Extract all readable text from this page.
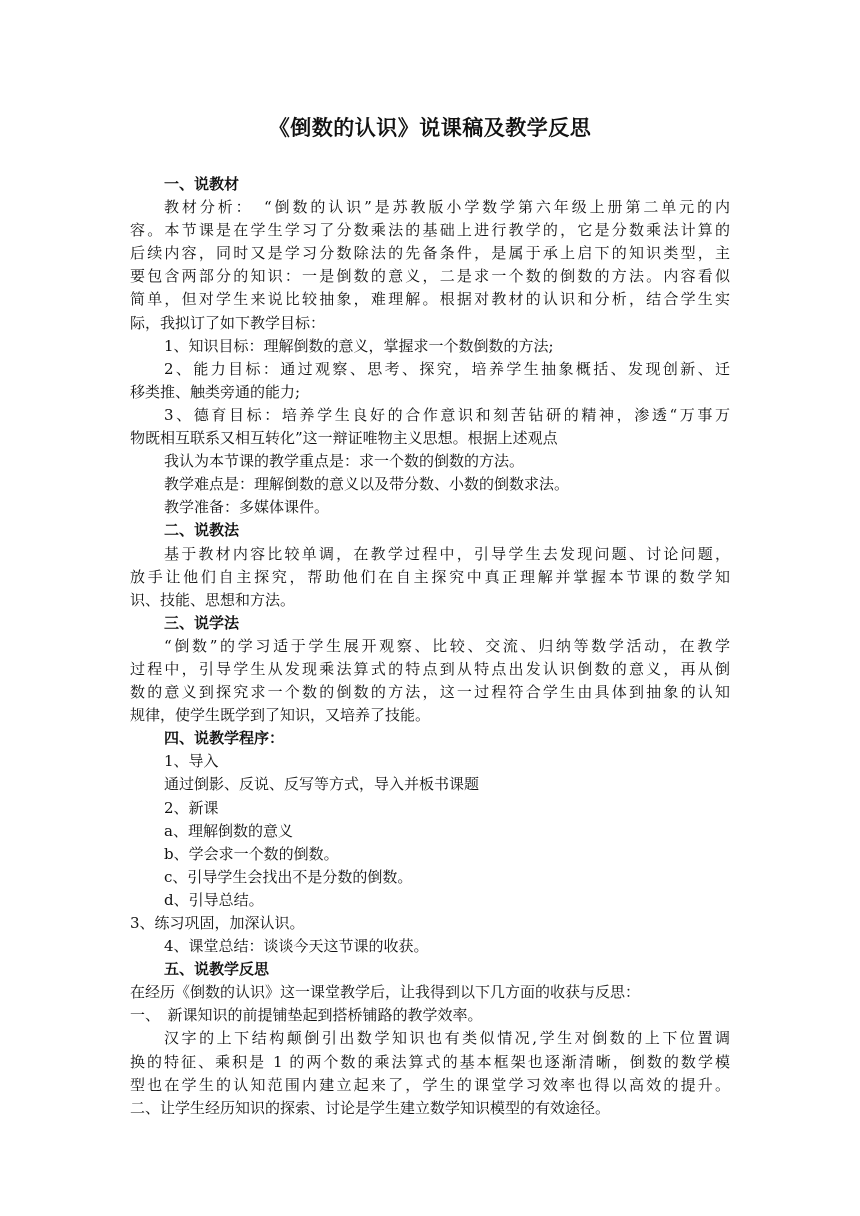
《倒数的认识》说课稿及教学反思
一、说教材
教材分析：　“倒数的认识”是苏教版小学数学第六年级上册第二单元的内
容。本节课是在学生学习了分数乘法的基础上进行教学的，它是分数乘法计算的
后续内容，同时又是学习分数除法的先备条件，是属于承上启下的知识类型，主
要包含两部分的知识：一是倒数的意义，二是求一个数的倒数的方法。内容看似
简单，但对学生来说比较抽象，难理解。根据对教材的认识和分析，结合学生实
际，我拟订了如下教学目标：
1、知识目标：理解倒数的意义，掌握求一个数倒数的方法;
2、能力目标：通过观察、思考、探究，培养学生抽象概括、发现创新、迁
移类推、触类旁通的能力;
3、德育目标：培养学生良好的合作意识和刻苦钻研的精神，渗透“万事万
物既相互联系又相互转化”这一辩证唯物主义思想。根据上述观点
我认为本节课的教学重点是：求一个数的倒数的方法。
教学难点是：理解倒数的意义以及带分数、小数的倒数求法。
教学准备：多媒体课件。
二、说教法
基于教材内容比较单调，在教学过程中，引导学生去发现问题、讨论问题，
放手让他们自主探究，帮助他们在自主探究中真正理解并掌握本节课的数学知
识、技能、思想和方法。
三、说学法
“倒数”的学习适于学生展开观察、比较、交流、归纳等数学活动，在教学
过程中，引导学生从发现乘法算式的特点到从特点出发认识倒数的意义，再从倒
数的意义到探究求一个数的倒数的方法，这一过程符合学生由具体到抽象的认知
规律，使学生既学到了知识，又培养了技能。
四、说教学程序：
1、导入
通过倒影、反说、反写等方式，导入并板书课题
2、新课
a、理解倒数的意义
b、学会求一个数的倒数。
c、引导学生会找出不是分数的倒数。
d、引导总结。
3、练习巩固，加深认识。
4、课堂总结：谈谈今天这节课的收获。
五、说教学反思
在经历《倒数的认识》这一课堂教学后，让我得到以下几方面的收获与反思：
一、　新课知识的前提铺垫起到搭桥铺路的教学效率。
汉字的上下结构颠倒引出数学知识也有类似情况,学生对倒数的上下位置调
换的特征、乘积是 1 的两个数的乘法算式的基本框架也逐渐清晰，倒数的数学模
型也在学生的认知范围内建立起来了，学生的课堂学习效率也得以高效的提升。
二、让学生经历知识的探索、讨论是学生建立数学知识模型的有效途径。
